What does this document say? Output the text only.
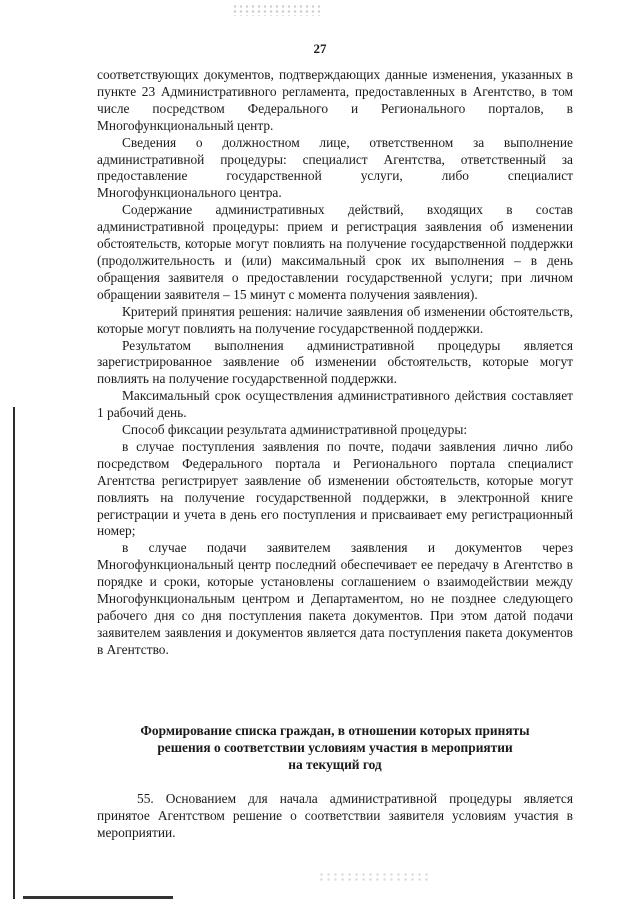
27

соответствующих документов, подтверждающих данные изменения, указанных в пункте 23 Административного регламента, предоставленных в Агентство, в том числе посредством Федерального и Регионального порталов, в Многофункциональный центр.

Сведения о должностном лице, ответственном за выполнение административной процедуры: специалист Агентства, ответственный за предоставление государственной услуги, либо специалист Многофункционального центра.

Содержание административных действий, входящих в состав административной процедуры: прием и регистрация заявления об изменении обстоятельств, которые могут повлиять на получение государственной поддержки (продолжительность и (или) максимальный срок их выполнения – в день обращения заявителя о предоставлении государственной услуги; при личном обращении заявителя – 15 минут с момента получения заявления).

Критерий принятия решения: наличие заявления об изменении обстоятельств, которые могут повлиять на получение государственной поддержки.

Результатом выполнения административной процедуры является зарегистрированное заявление об изменении обстоятельств, которые могут повлиять на получение государственной поддержки.

Максимальный срок осуществления административного действия составляет 1 рабочий день.

Способ фиксации результата административной процедуры:

в случае поступления заявления по почте, подачи заявления лично либо посредством Федерального портала и Регионального портала специалист Агентства регистрирует заявление об изменении обстоятельств, которые могут повлиять на получение государственной поддержки, в электронной книге регистрации и учета в день его поступления и присваивает ему регистрационный номер;

в случае подачи заявителем заявления и документов через Многофункциональный центр последний обеспечивает ее передачу в Агентство в порядке и сроки, которые установлены соглашением о взаимодействии между Многофункциональным центром и Департаментом, но не позднее следующего рабочего дня со дня поступления пакета документов. При этом датой подачи заявителем заявления и документов является дата поступления пакета документов в Агентство.

Формирование списка граждан, в отношении которых приняты
решения о соответствии условиям участия в мероприятии
на текущий год

55. Основанием для начала административной процедуры является принятое Агентством решение о соответствии заявителя условиям участия в мероприятии.
